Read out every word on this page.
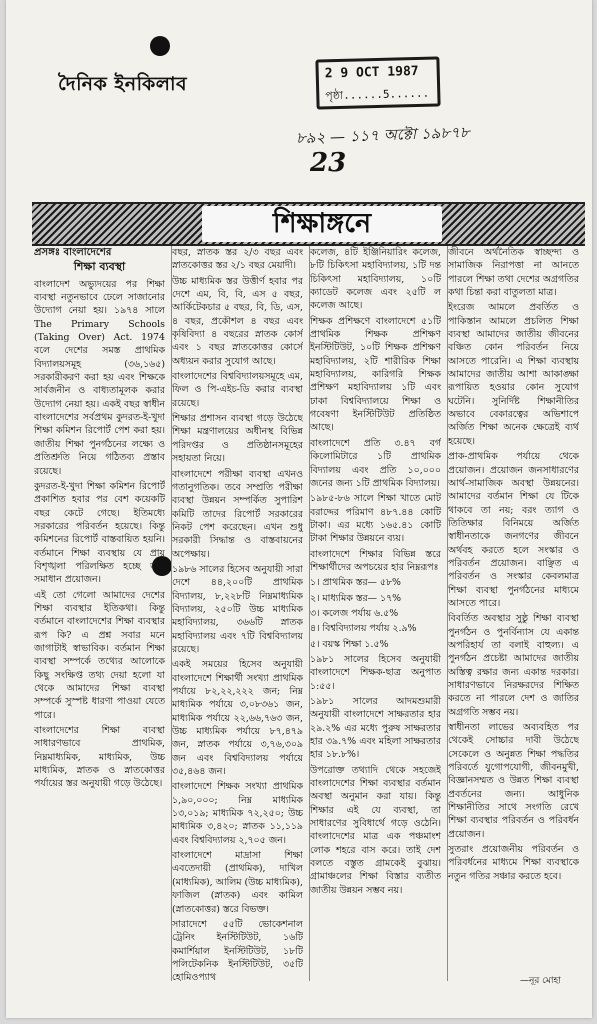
দৈনিক ইনকিলাব
2 9 OCT 1987
পৃষ্ঠা......5......
৮৯২ — ১১৭ অক্টো ১৯৮৭৮
23
শিক্ষাঙ্গনে
প্রসঙ্গঃ বাংলাদেশের
শিক্ষা ব্যবস্থা

বাংলাদেশ অভ্যুদয়ের পর শিক্ষা ব্যবস্থা নতুনভাবে ঢেলে সাজানোর উদ্যোগ নেয়া হয়। ১৯৭৪ সালে The Primary Schools (Taking Over) Act. 1974 বলে দেশের সমস্ত প্রাথমিক বিদ্যালয়সমূহ (৩৬,১৬৫) সরকারীকরণ করা হয় এবং শিক্ষকে সার্বজনীন ও বাধ্যতামূলক করার উদ্যোগ নেয়া হয়। একই বছর স্বাধীন বাংলাদেশের সর্বপ্রথম কুদরত-ই-খুদা শিক্ষা কমিশন রিপোর্ট পেশ করা হয়। জাতীয় শিক্ষা পুনর্গঠনের লক্ষ্যে ও প্রতিশ্রুতি নিয়ে গঠিতব্য প্রস্তাব রয়েছে।

কুদরত-ই-খুদা শিক্ষা কমিশন রিপোর্ট প্রকাশিত হবার পর বেশ কয়েকটি বছর কেটে গেছে। ইতিমধ্যে সরকারের পরিবর্তন হয়েছে। কিন্তু কমিশনের রিপোর্ট বাস্তবায়িত হয়নি। বর্তমানে শিক্ষা ব্যবস্থায় যে প্রায় বিশৃঙ্খলা পরিলক্ষিত হচ্ছে তার সমাধান প্রয়োজন।

এই তো গেলো আমাদের দেশের শিক্ষা ব্যবস্থার ইতিকথা। কিন্তু বর্তমানে বাংলাদেশের শিক্ষা ব্যবস্থার রূপ কি? এ প্রশ্ন সবার মনে জাগাটাই স্বাভাবিক। বর্তমান শিক্ষা ব্যবস্থা সম্পর্কে তথ্যের আলোকে কিছু সংক্ষিপ্ত তথ্য দেয়া হলো যা থেকে আমাদের শিক্ষা ব্যবস্থা সম্পর্কে সুস্পষ্ট ধারণা পাওয়া যেতে পারে।

বাংলাদেশের শিক্ষা ব্যবস্থা সাধারণভাবে প্রাথমিক, নিম্নমাধ্যমিক, মাধ্যমিক, উচ্চ মাধ্যমিক, স্নাতক ও স্নাতকোত্তর পর্যায়ের স্তর অনুযায়ী গড়ে উঠেছে।

বছর, স্নাতক স্তর ২/৩ বছর এবং স্নাতকোত্তর স্তর ২/১ বছর মেয়াদী।

উচ্চ মাধ্যমিক স্তর উত্তীর্ণ হবার পর দেশে এম, বি, বি, এস ৫ বছর, আর্কিটেকচার ৫ বছর, বি, ডি, এস, ৪ বছর, প্রকৌশল ৪ বছর এবং কৃষিবিদ্যা ৪ বছরের স্নাতক কোর্স এবং ১ বছর স্নাতকোত্তর কোর্সে অধ্যয়ন করার সুযোগ আছে।

বাংলাদেশের বিশ্ববিদ্যালয়সমূহে এম, ফিল ও পি-এইচ-ডি করার ব্যবস্থা রয়েছে।

শিক্ষার প্রশাসন ব্যবস্থা গড়ে উঠেছে শিক্ষা মন্ত্রণালয়ের অধীনস্থ বিভিন্ন পরিদপ্তর ও প্রতিষ্ঠানসমূহের সহায়তা নিয়ে।

বাংলাদেশে পরীক্ষা ব্যবস্থা এখনও গতানুগতিক। তবে সম্প্রতি পরীক্ষা ব্যবস্থা উন্নয়ন সম্পর্কিত সুপারিশ কমিটি তাদের রিপোর্ট সরকারের নিকট পেশ করেছেন। এখন শুধু সরকারী সিদ্ধান্ত ও বাস্তবায়নের অপেক্ষায়।

১৯৮৬ সালের হিসেব অনুযায়ী সারা দেশে ৪৪,২০০টি প্রাথমিক বিদ্যালয়, ৮,২২৮টি নিম্নমাধ্যমিক বিদ্যালয়, ২৫০টি উচ্চ মাধ্যমিক মহাবিদ্যালয়, ৩৬৬টি স্নাতক মহাবিদ্যালয় এবং ৭টি বিশ্ববিদ্যালয় রয়েছে।

একই সময়ের হিসেব অনুযায়ী বাংলাদেশে শিক্ষার্থী সংখ্যা প্রাথমিক পর্যায়ে ৮২,২২,২২২ জন; নিম্ন মাধ্যমিক পর্যায়ে ৩,০৮৩৬১ জন, মাধ্যমিক পর্যায়ে ২২,৬৬,৭৬৩ জন, উচ্চ মাধ্যমিক পর্যায়ে ৮৭,৪৭৯ জন, স্নাতক পর্যায়ে ৩,৭৬,৩০৯ জন এবং বিশ্ববিদ্যালয় পর্যায়ে ৩৫,৪৬৪ জন।

বাংলাদেশে শিক্ষক সংখ্যা প্রাথমিক ১,৯০,০০০; নিম্ন মাধ্যমিক ১৩,০১৯; মাধ্যমিক ৭২,২৫০; উচ্চ মাধ্যমিক ৩,৪২০; স্নাতক ১১,১১৯ এবং বিশ্ববিদ্যালয় ২,৭০৫ জন।

বাংলাদেশে মাদ্রাসা শিক্ষা এবতেদায়ী (প্রাথমিক), দাখিল (মাধ্যমিক), আলিম (উচ্চ মাধ্যমিক), ফাজিল (স্নাতক) এবং কামিল (স্নাতকোত্তর) স্তরে বিভক্ত।

সারাদেশে ৫৫টি ভোকেশনাল ট্রেনিং ইনস্টিটিউট, ১৬টি কমার্শিয়াল ইনস্টিটিউট, ১৮টি পলিটেকনিক ইনস্টিটিউট, ৩৫টি হোমিওপ্যাথ

কলেজ, ৪টি ইঞ্জিনিয়ারিং কলেজ, ৮টি চিকিৎসা মহাবিদ্যালয়, ১টি দন্ত চিকিৎসা মহাবিদ্যালয়, ১০টি ক্যাডেট কলেজ এবং ২৫টি ল কলেজ আছে।

শিক্ষক প্রশিক্ষণে বাংলাদেশে ৫১টি প্রাথমিক শিক্ষক প্রশিক্ষণ ইনস্টিটিউট, ১০টি শিক্ষক প্রশিক্ষণ মহাবিদ্যালয়, ২টি শারীরিক শিক্ষা মহাবিদ্যালয়, কারিগরি শিক্ষক প্রশিক্ষণ মহাবিদ্যালয় ১টি এবং ঢাকা বিশ্ববিদ্যালয়ে শিক্ষা ও গবেষণা ইনস্টিটিউট প্রতিষ্ঠিত আছে।

বাংলাদেশে প্রতি ৩.৪৭ বর্গ কিলোমিটারে ১টি প্রাথমিক বিদ্যালয় এবং প্রতি ১০,০০০ জনের জন্য ১টি প্রাথমিক বিদ্যালয়।

১৯৮৫-৮৬ সালে শিক্ষা খাতে মোট বরাদ্দের পরিমাণ ৪৮৭.৪৪ কোটি টাকা। এর মধ্যে ১৬৫.৪১ কোটি টাকা শিক্ষার উন্নয়নে ব্যয়।

বাংলাদেশে শিক্ষার বিভিন্ন স্তরে শিক্ষার্থীদের অপচয়ের হার নিম্নরূপঃ

১। প্রাথমিক স্তর— ৫৮%

২। মাধ্যমিক স্তর— ১৭%

৩। কলেজ পর্যায় ৬.৫%

৪। বিশ্ববিদ্যালয় পর্যায় ২.৯%

৫। বয়স্ক শিক্ষা ১.৫%

১৯৮১ সালের হিসেব অনুযায়ী বাংলাদেশে শিক্ষক-ছাত্র অনুপাত ১:৫৫।

১৯৮১ সালের আদমশুমারী অনুযায়ী বাংলাদেশে সাক্ষরতার হার ২৯.২% এর মধ্যে পুরুষ সাক্ষরতার হার ৩৯.৭% এবং মহিলা সাক্ষরতার হার ১৮.৮%।

উপরোক্ত তথ্যাদি থেকে সহজেই বাংলাদেশের শিক্ষা ব্যবস্থার বর্তমান অবস্থা অনুমান করা যায়। কিন্তু শিক্ষার এই যে ব্যবস্থা, তা সাধারণের সুবিধার্থে গড়ে ওঠেনি। বাংলাদেশের মাত্র এক পঞ্চমাংশ লোক শহরে বাস করে। তাই দেশ বলতে বস্তুত গ্রামকেই বুঝায়। গ্রামাঞ্চলের শিক্ষা বিস্তার ব্যতীত জাতীয় উন্নয়ন সম্ভব নয়।

জীবনে অর্থনৈতিক স্বাচ্ছন্দ্য ও সামাজিক নিরাপত্তা না আনতে পারলে শিক্ষা তথা দেশের অগ্রগতির কথা চিন্তা করা বাতুলতা মাত্র।

ইংরেজ আমলে প্রবর্তিত ও পাকিস্তান আমলে প্রচলিত শিক্ষা ব্যবস্থা আমাদের জাতীয় জীবনের বঞ্চিত কোন পরিবর্তন নিয়ে আসতে পারেনি। এ শিক্ষা ব্যবস্থায় আমাদের জাতীয় আশা আকাঙ্ক্ষা রূপায়িত হওয়ার কোন সুযোগ ঘটেনি। সুনির্দিষ্ট শিক্ষানীতির অভাবে বেকারত্বের অভিশাপে অর্জিত শিক্ষা অনেক ক্ষেত্রেই ব্যর্থ হয়েছে।

প্রাক-প্রাথমিক পর্যায়ে থেকে প্রয়োজন। প্রয়োজন জনসাধারণের আর্থ-সামাজিক অবস্থা উন্নয়নের। আমাদের বর্তমান শিক্ষা যে টিকে থাকবে তা নয়; বরং ত্যাগ ও তিতিক্ষার বিনিময়ে অর্জিত স্বাধীনতাকে জনগণের জীবনে অর্থবহ করতে হলে সংস্কার ও পরিবর্তন প্রয়োজন। বাঞ্ছিত এ পরিবর্তন ও সংস্কার কেবলমাত্র শিক্ষা ব্যবস্থা পুনর্গঠনের মাধ্যমে আসতে পারে।

বিবর্তিত অবস্থার সুষ্ঠু শিক্ষা ব্যবস্থা পুনর্গঠন ও পুনর্বিন্যাস যে একান্ত অপরিহার্য তা বলাই বাহুল্য। এ পুনর্গঠন প্রচেষ্টা আমাদের জাতীয় অস্তিত্ব রক্ষার জন্য একান্ত দরকার। সাধারণভাবে নিরক্ষরদের শিক্ষিত করতে না পারলে দেশ ও জাতির অগ্রগতি সম্ভব নয়।

স্বাধীনতা লাভের অব্যবহিত পর থেকেই সোচ্চার দাবী উঠেছে সেকেলে ও অনুন্নত শিক্ষা পদ্ধতির পরিবর্তে যুগোপযোগী, জীবনমুখী, বিজ্ঞানসম্মত ও উন্নত শিক্ষা ব্যবস্থা প্রবর্তনের জন্য। আধুনিক শিক্ষানীতির সাথে সংগতি রেখে শিক্ষা ব্যবস্থার পরিবর্তন ও পরিবর্ধন প্রয়োজন।

সুতরাং প্রয়োজনীয় পরিবর্তন ও পরিবর্ধনের মাধ্যমে শিক্ষা ব্যবস্থাকে নতুন গতির সঞ্চার করতে হবে।

—নূর মোহা
